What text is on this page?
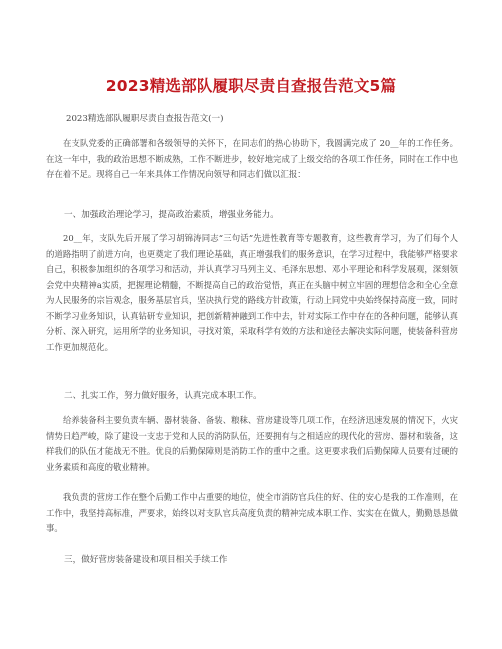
2023精选部队履职尽责自查报告范文5篇
2023精选部队履职尽责自查报告范文(一)

在支队党委的正确部署和各级领导的关怀下，在同志们的热心协助下，我圆满完成了 20__年的工作任务。在这一年中，我的政治思想不断成熟，工作不断进步，较好地完成了上级交给的各项工作任务，同时在工作中也存在着不足。现将自己一年来具体工作情况向领导和同志们做以汇报：

一、加强政治理论学习，提高政治素质，增强业务能力。

20__年，支队先后开展了学习胡锦涛同志“三句话”先进性教育等专题教育，这些教育学习，为了们每个人的道路指明了前进方向，也更奠定了我们理论基础，真正增强我们的服务意识，在学习过程中，我能够严格要求自己，积极参加组织的各项学习和活动，并认真学习马列主义、毛泽东思想、邓小平理论和科学发展观，深刻领会党中央精神a实质，把握理论精髓，不断提高自己的政治觉悟，真正在头脑中树立牢固的理想信念和全心全意为人民服务的宗旨观念，服务基层官兵，坚决执行党的路线方针政策，行动上同党中央始终保持高度一致，同时不断学习业务知识，认真钻研专业知识，把创新精神融到工作中去，针对实际工作中存在的各种问题，能够认真分析、深入研究，运用所学的业务知识，寻找对策，采取科学有效的方法和途径去解决实际问题，使装备科营房工作更加规范化。

二、扎实工作，努力做好服务，认真完成本职工作。

给养装备科主要负责车辆、器材装备、备装、粮秣、营房建设等几项工作，在经济迅速发展的情况下，火灾情势日趋严峻，除了建设一支忠于党和人民的消防队伍，还要拥有与之相适应的现代化的营房、器材和装备，这样我们的队伍才能战无不胜。优良的后勤保障则是消防工作的重中之重。这更要求我们后勤保障人员要有过硬的业务素质和高度的敬业精神。

我负责的营房工作在整个后勤工作中占重要的地位，使全市消防官兵住的好、住的安心是我的工作准则，在工作中，我坚持高标准，严要求，始终以对支队官兵高度负责的精神完成本职工作、实实在在做人，勤勤恳恳做事。

三，做好营房装备建设和项目相关手续工作
